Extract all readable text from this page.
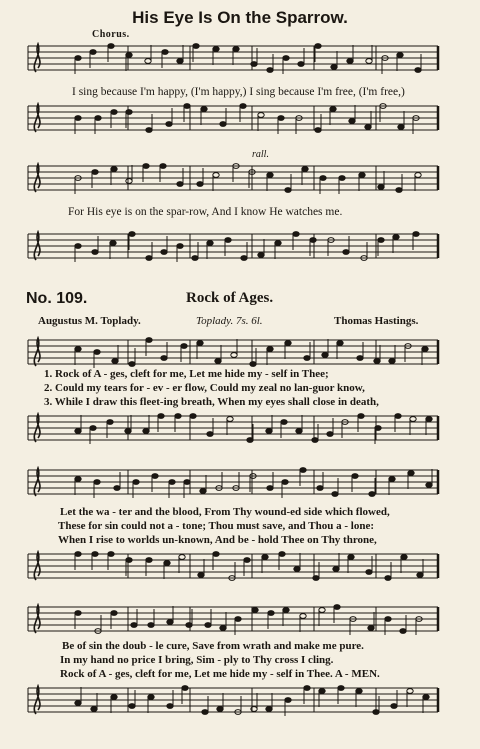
His Eye Is On the Sparrow.
Chorus.
I sing because I'm happy, (I'm happy,) I sing because I'm free, (I'm free,)
rall.
For His eye is on the spar-row, And I know He watches me.
No. 109.	Rock of Ages.
Augustus M. Toplady.	Toplady. 7s. 6l.	Thomas Hastings.
1. Rock of A - ges, cleft for me, Let me hide my - self in Thee;
2. Could my tears for - ev - er flow, Could my zeal no lan-guor know,
3. While I draw this fleet-ing breath, When my eyes shall close in death,
Let the wa - ter and the blood, From Thy wound-ed side which flowed,
These for sin could not a - tone; Thou must save, and Thou a - lone:
When I rise to worlds un-known, And be - hold Thee on Thy throne,
Be of sin the doub - le cure, Save from wrath and make me pure.
In my hand no price I bring, Sim - ply to Thy cross I cling.
Rock of A - ges, cleft for me, Let me hide my - self in Thee. A - MEN.
